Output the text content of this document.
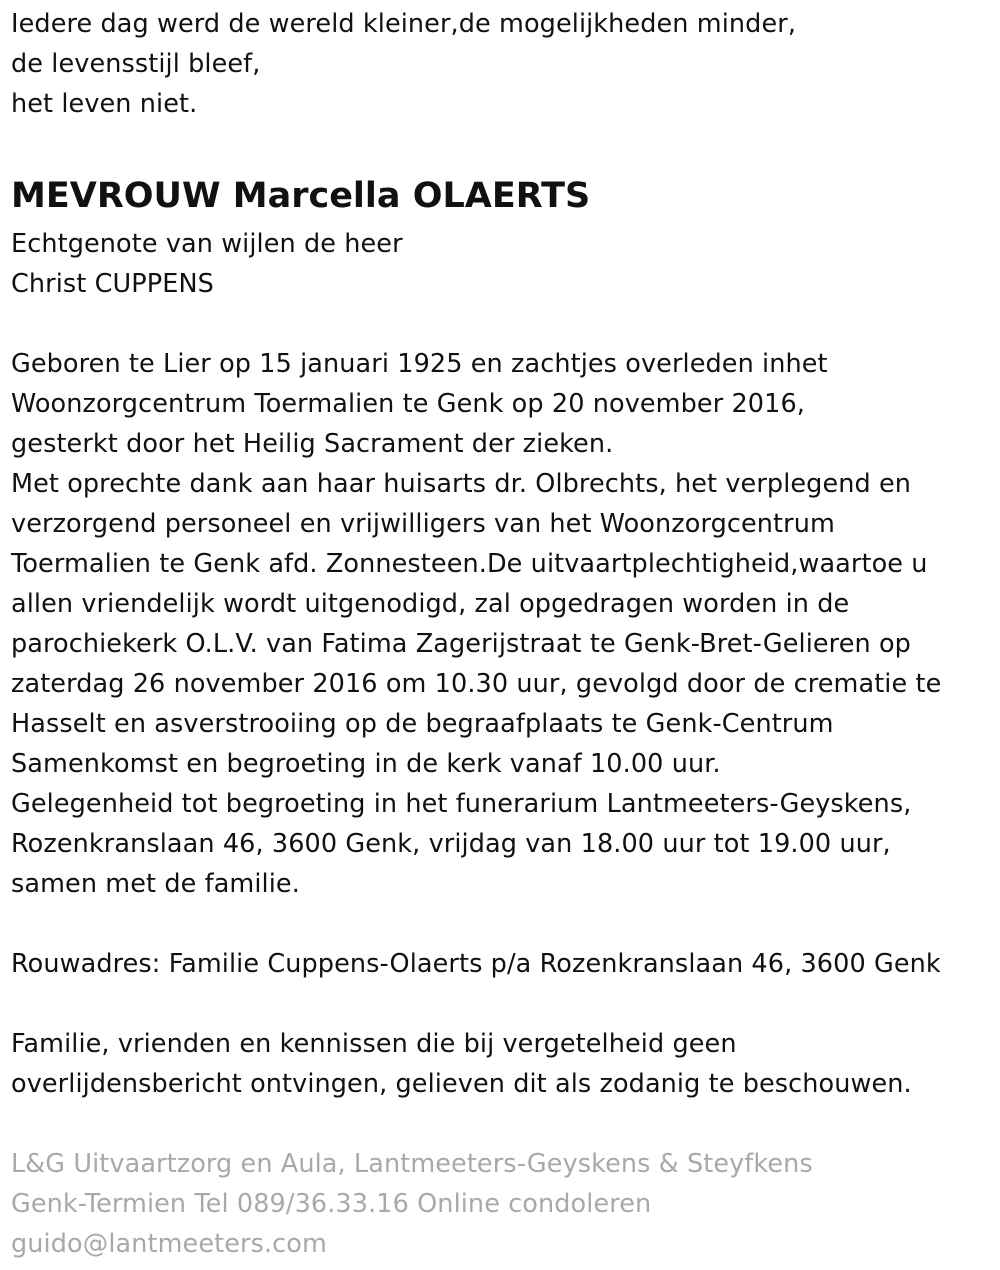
Iedere dag werd de wereld kleiner,de mogelijkheden minder,
de levensstijl bleef,
het leven niet.
MEVROUW Marcella OLAERTS
Echtgenote van wijlen de heer
Christ CUPPENS
Geboren te Lier op 15 januari 1925 en zachtjes overleden inhet
Woonzorgcentrum Toermalien te Genk op 20 november 2016,
gesterkt door het Heilig Sacrament der zieken.
Met oprechte dank aan haar huisarts dr. Olbrechts, het verplegend en
verzorgend personeel en vrijwilligers van het Woonzorgcentrum
Toermalien te Genk afd. Zonnesteen.De uitvaartplechtigheid,waartoe u
allen vriendelijk wordt uitgenodigd, zal opgedragen worden in de
parochiekerk O.L.V. van Fatima Zagerijstraat te Genk-Bret-Gelieren op
zaterdag 26 november 2016 om 10.30 uur, gevolgd door de crematie te
Hasselt en asverstrooiing op de begraafplaats te Genk-Centrum
Samenkomst en begroeting in de kerk vanaf 10.00 uur.
Gelegenheid tot begroeting in het funerarium Lantmeeters-Geyskens,
Rozenkranslaan 46, 3600 Genk, vrijdag van 18.00 uur tot 19.00 uur,
samen met de familie.
Rouwadres: Familie Cuppens-Olaerts p/a Rozenkranslaan 46, 3600 Genk
Familie, vrienden en kennissen die bij vergetelheid geen
overlijdensbericht ontvingen, gelieven dit als zodanig te beschouwen.
L&G Uitvaartzorg en Aula, Lantmeeters-Geyskens & Steyfkens
Genk-Termien Tel 089/36.33.16 Online condoleren
guido@lantmeeters.com
